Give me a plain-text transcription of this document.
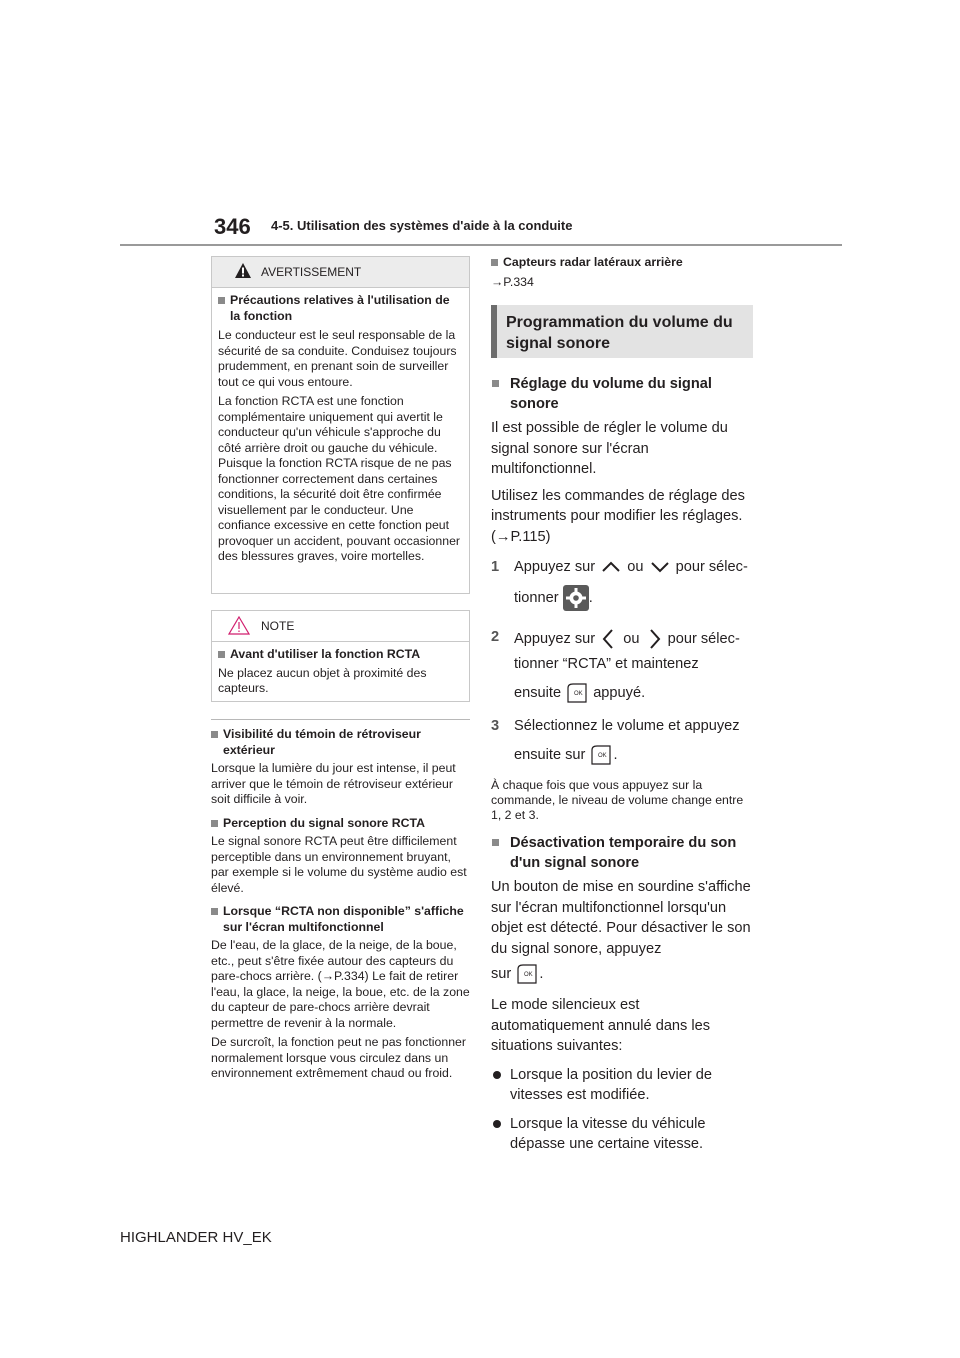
346 4-5. Utilisation des systèmes d'aide à la conduite
AVERTISSEMENT

Précautions relatives à l'utilisation de la fonction

Le conducteur est le seul responsable de la sécurité de sa conduite. Conduisez toujours prudemment, en prenant soin de surveiller tout ce qui vous entoure.

La fonction RCTA est une fonction complémentaire uniquement qui avertit le conducteur qu'un véhicule s'approche du côté arrière droit ou gauche du véhicule. Puisque la fonction RCTA risque de ne pas fonctionner correctement dans certaines conditions, la sécurité doit être confirmée visuellement par le conducteur. Une confiance excessive en cette fonction peut provoquer un accident, pouvant occasionner des blessures graves, voire mortelles.

NOTE

Avant d'utiliser la fonction RCTA

Ne placez aucun objet à proximité des capteurs.

Visibilité du témoin de rétroviseur extérieur

Lorsque la lumière du jour est intense, il peut arriver que le témoin de rétroviseur extérieur soit difficile à voir.

Perception du signal sonore RCTA

Le signal sonore RCTA peut être difficilement perceptible dans un environnement bruyant, par exemple si le volume du système audio est élevé.

Lorsque “RCTA non disponible” s'affiche sur l'écran multifonctionnel

De l'eau, de la glace, de la neige, de la boue, etc., peut s'être fixée autour des capteurs du pare-chocs arrière. (→P.334) Le fait de retirer l'eau, la glace, la neige, la boue, etc. de la zone du capteur de pare-chocs arrière devrait permettre de revenir à la normale.

De surcroît, la fonction peut ne pas fonctionner normalement lorsque vous circulez dans un environnement extrêmement chaud ou froid.

Capteurs radar latéraux arrière

→P.334

Programmation du volume du signal sonore

Réglage du volume du signal sonore

Il est possible de régler le volume du signal sonore sur l'écran multifonctionnel.

Utilisez les commandes de réglage des instruments pour modifier les réglages. (→P.115)

1 Appuyez sur ou pour sélec-
tionner .
2 Appuyez sur ou pour sélec-
tionner “RCTA” et maintenez
ensuite OK appuyé.
3 Sélectionnez le volume et appuyez
ensuite sur OK .

À chaque fois que vous appuyez sur la commande, le niveau de volume change entre 1, 2 et 3.

Désactivation temporaire du son d'un signal sonore

Un bouton de mise en sourdine s'affiche sur l'écran multifonctionnel lorsqu'un objet est détecté. Pour désactiver le son du signal sonore, appuyez

sur OK .

Le mode silencieux est automatiquement annulé dans les situations suivantes:

Lorsque la position du levier de vitesses est modifiée.

Lorsque la vitesse du véhicule dépasse une certaine vitesse.

HIGHLANDER HV_EK
